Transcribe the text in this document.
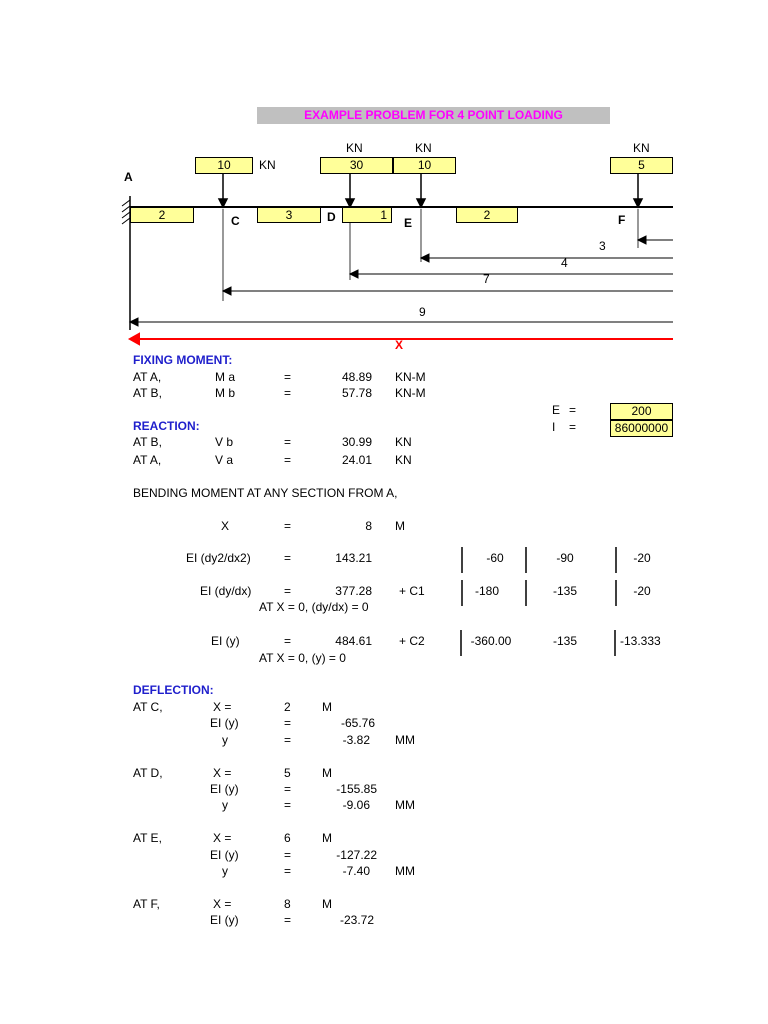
EXAMPLE PROBLEM FOR 4 POINT LOADING
10	KN
KN
30
KN
10
KN
5
A
C	D	E	F
2	3	1	2
3
4
7
9
X
FIXING MOMENT:
AT A,	M a	=	48.89 KN-M
AT B,	M b	=	57.78 KN-M
E =	200
I =	86000000
REACTION:
AT B,	V b	=	30.99 KN
AT A,	V a	=	24.01 KN
BENDING MOMENT AT ANY SECTION FROM A,
X	=	8 M
EI (dy2/dx2)	=	143.21	-60	-90	-20
EI (dy/dx)	=	377.28 + C1	-180	-135	-20
AT X = 0, (dy/dx) = 0
EI (y)	=	484.61 + C2	-360.00	-135	-13.333
AT X = 0, (y) = 0
DEFLECTION:
AT C,	X =	2	M
EI (y)	=	-65.76
y	=	-3.82 MM
AT D,	X =	5	M
EI (y)	=	-155.85
y	=	-9.06 MM
AT E,	X =	6	M
EI (y)	=	-127.22
y	=	-7.40 MM
AT F,	X =	8	M
EI (y)	=	-23.72
